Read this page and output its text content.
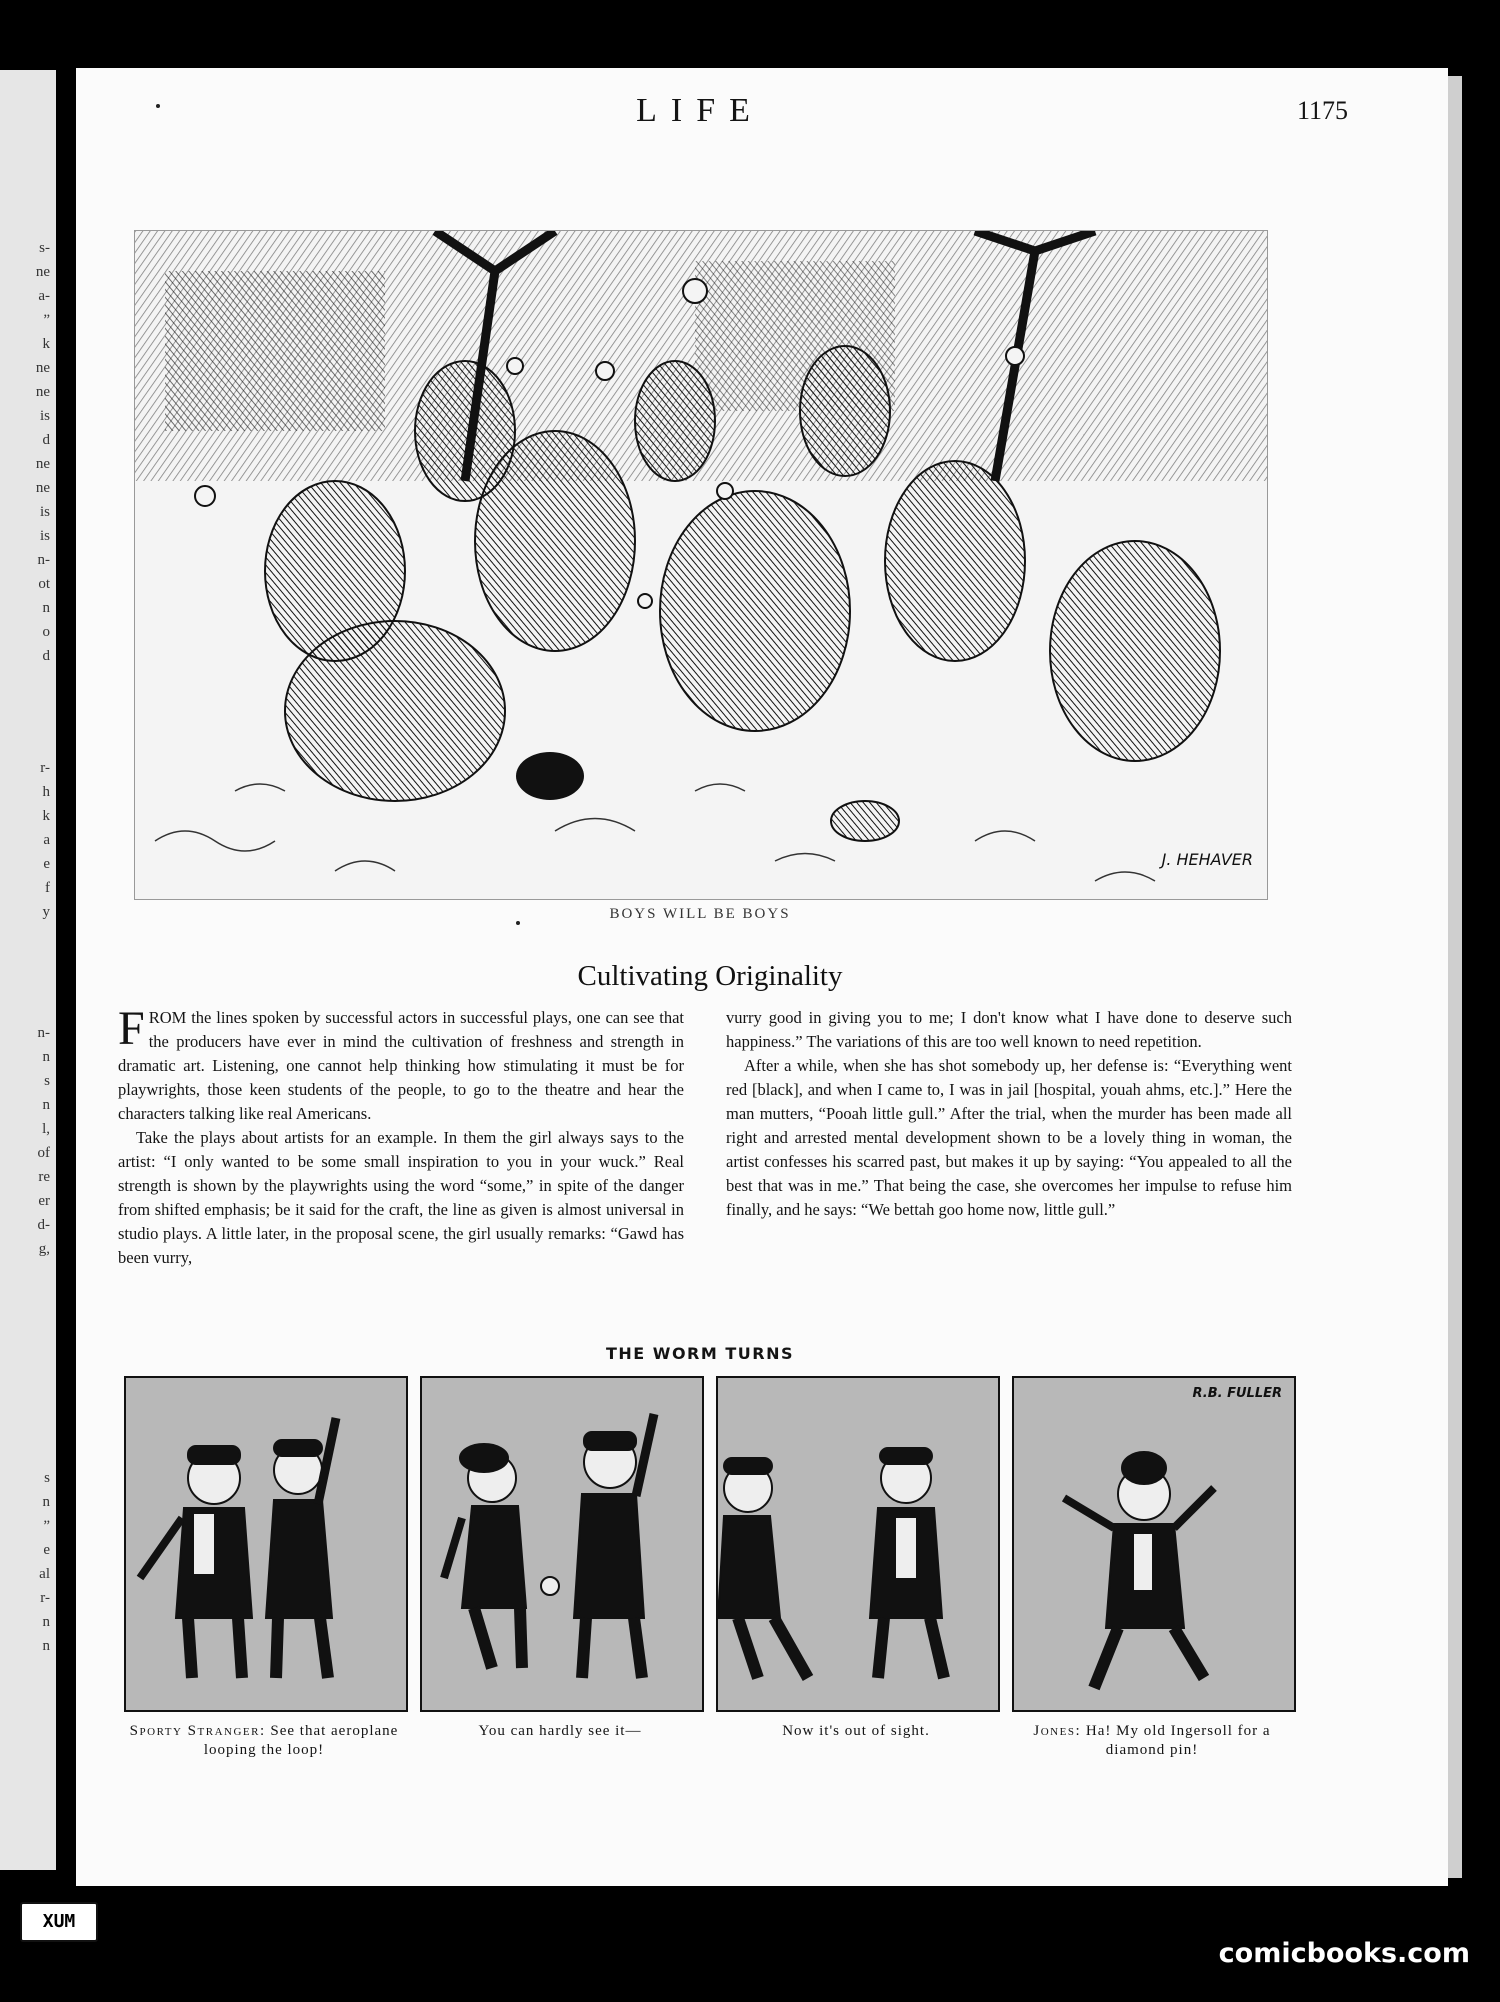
s-
ne
a-
”
k
ne
ne
is
d
ne
ne
is
is
n-
ot
n
o
d
r-
h
k
a
e
f
y
n-
n
s
n
l,
of
re
er
d-
g,
s
n
”
e
al
r-
n
n
LIFE	1175
J. HEHAVER
BOYS WILL BE BOYS
Cultivating Originality

FROM the lines spoken by successful actors in successful plays, one can see that the producers have ever in mind the cultivation of freshness and strength in dramatic art. Listening, one cannot help thinking how stimulating it must be for playwrights, those keen students of the people, to go to the theatre and hear the characters talking like real Americans.

Take the plays about artists for an example. In them the girl always says to the artist: “I only wanted to be some small inspiration to you in your wuck.” Real strength is shown by the playwrights using the word “some,” in spite of the danger from shifted emphasis; be it said for the craft, the line as given is almost universal in studio plays. A little later, in the proposal scene, the girl usually remarks: “Gawd has been vurry,

vurry good in giving you to me; I don't know what I have done to deserve such happiness.” The variations of this are too well known to need repetition.

After a while, when she has shot somebody up, her defense is: “Everything went red [black], and when I came to, I was in jail [hospital, youah ahms, etc.].” Here the man mutters, “Pooah little gull.” After the trial, when the murder has been made all right and arrested mental development shown to be a lovely thing in woman, the artist confesses his scarred past, but makes it up by saying: “You appealed to all the best that was in me.” That being the case, she overcomes her impulse to refuse him finally, and he says: “We bettah goo home now, little gull.”

THE WORM TURNS
R.B. FULLER
Sporty Stranger: See that aeroplane looping the loop!
You can hardly see it—	Now it's out of sight.	Jones: Ha! My old Ingersoll for a diamond pin!
XUM
comicbooks.com
